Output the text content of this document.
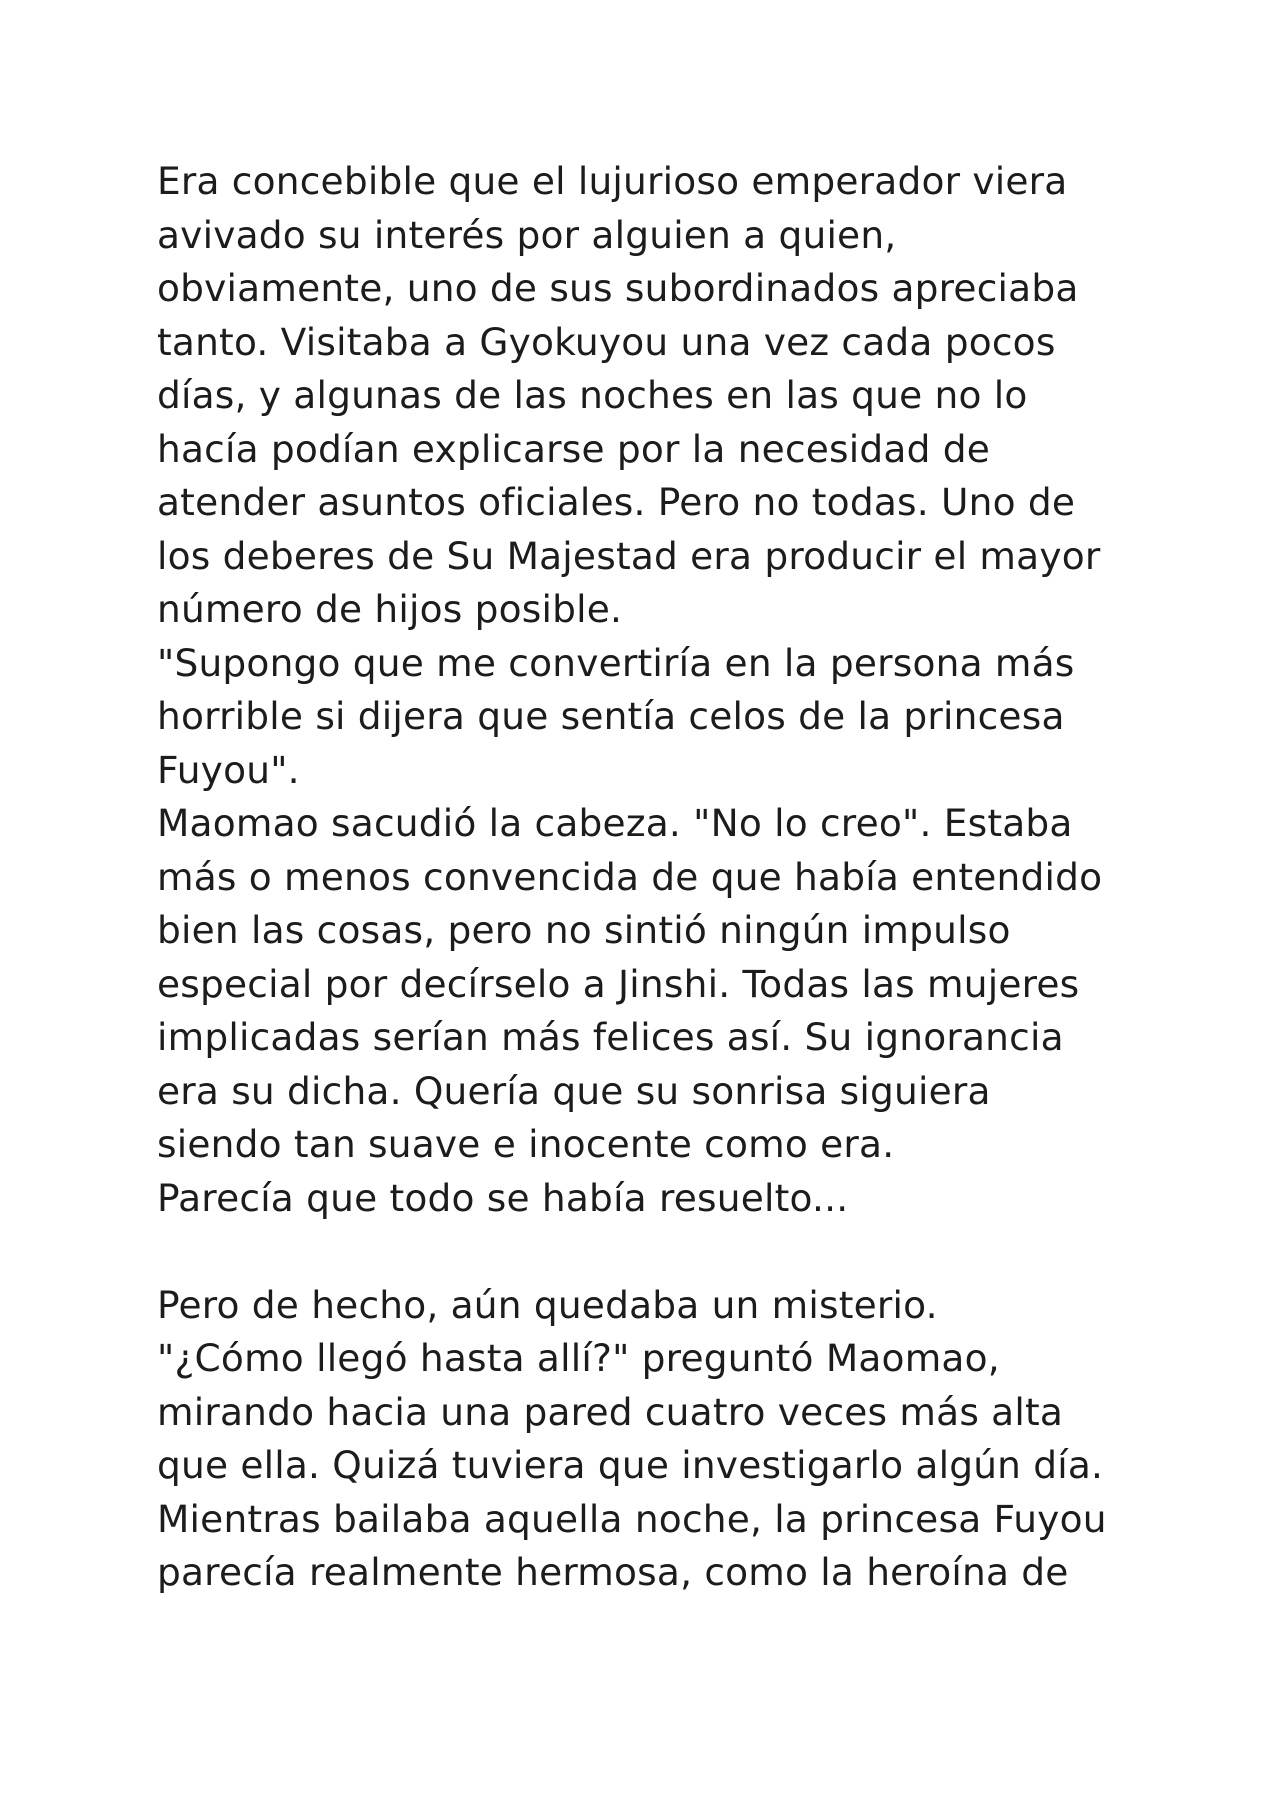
Era concebible que el lujurioso emperador viera
avivado su interés por alguien a quien,
obviamente, uno de sus subordinados apreciaba
tanto. Visitaba a Gyokuyou una vez cada pocos
días, y algunas de las noches en las que no lo
hacía podían explicarse por la necesidad de
atender asuntos oficiales. Pero no todas. Uno de
los deberes de Su Majestad era producir el mayor
número de hijos posible.
"Supongo que me convertiría en la persona más
horrible si dijera que sentía celos de la princesa
Fuyou".
Maomao sacudió la cabeza. "No lo creo". Estaba
más o menos convencida de que había entendido
bien las cosas, pero no sintió ningún impulso
especial por decírselo a Jinshi. Todas las mujeres
implicadas serían más felices así. Su ignorancia
era su dicha. Quería que su sonrisa siguiera
siendo tan suave e inocente como era.
Parecía que todo se había resuelto...
Pero de hecho, aún quedaba un misterio.
"¿Cómo llegó hasta allí?" preguntó Maomao,
mirando hacia una pared cuatro veces más alta
que ella. Quizá tuviera que investigarlo algún día.
Mientras bailaba aquella noche, la princesa Fuyou
parecía realmente hermosa, como la heroína de
